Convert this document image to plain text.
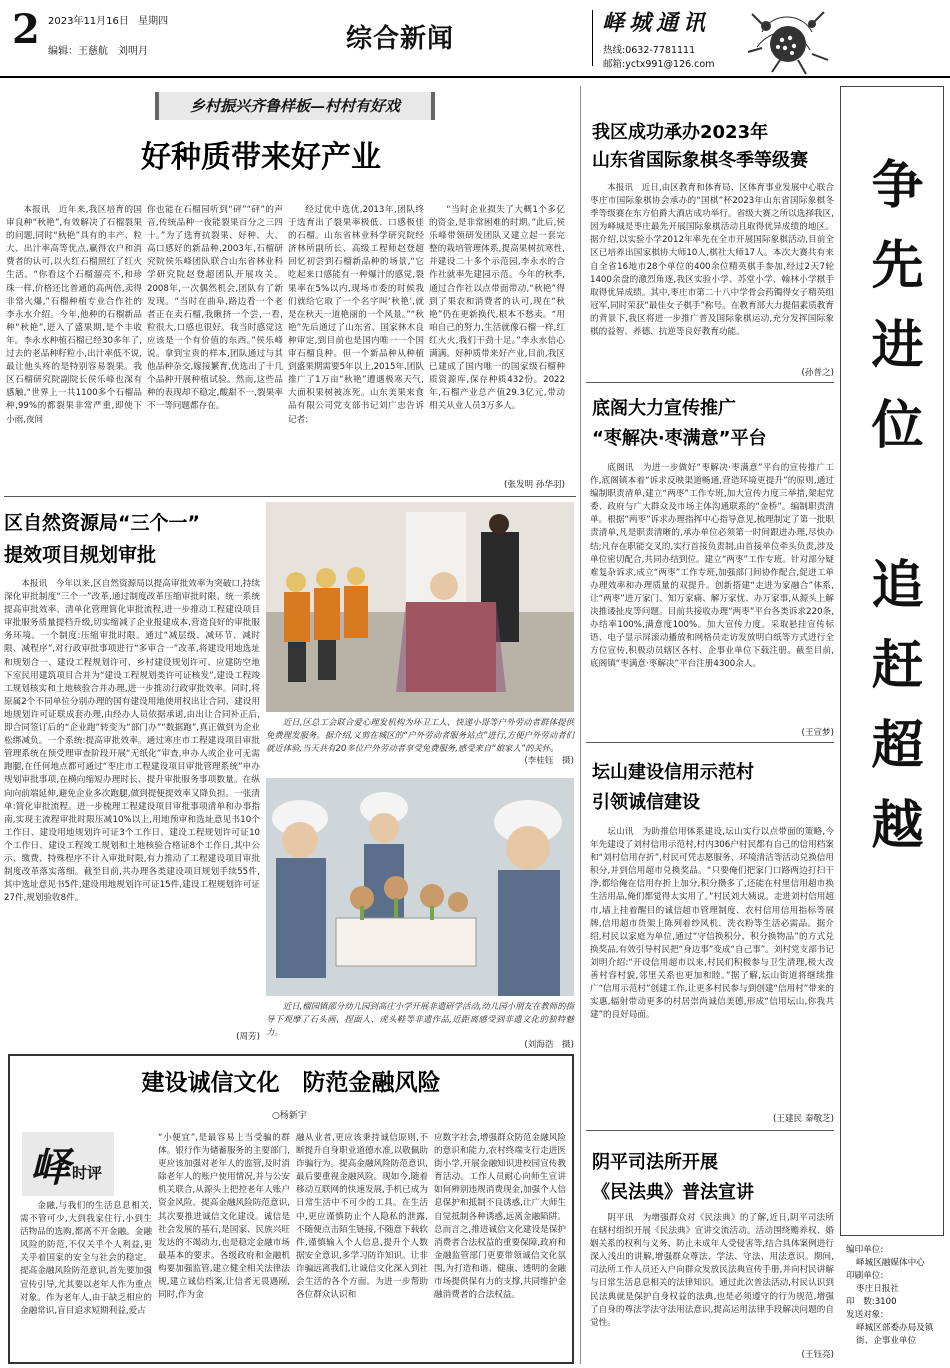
2 2023年11月16日 星期四
编辑：王慈航　刘明月	综合新闻
峄城通讯
热线:0632-7781111
邮箱:yctx991@126.com
乡村振兴齐鲁样板—村村有好戏
好种质带来好产业

本报讯　近年来,我区培育的国审良种“秋艳”,有效解决了石榴裂果的问题,同时“秋艳”具有的丰产、粒大、出汁率高等优点,赢得农户和消费者的认可,以火红石榴照红了红火生活。“你看这个石榴溜亮不,和珍珠一样,价格还比普通的高两倍,卖得非常火爆,”石榴种植专业合作社的李永水介绍。今年,他种的石榴新品种“秋艳”,进入了盛果期,是个丰收年。李永水种植石榴已经30多年了,过去的老品种籽粒小,出汁率低不说,最让他头疼的是特别容易裂果。我区石榴研究院副院长侯乐峰也深有感触,“世界上一共1100多个石榴品种,99%的都裂果非常严重,即使下小雨,夜间

你也能在石榴园听到“砰”“砰”的声音,传统品种一夜能裂果百分之三四十。”为了选育抗裂果、好种、大、高口感好的新品种,2003年,石榴研究院侯乐峰团队联合山东省林业科学研究院赵登超团队开展攻关。2008年,一次偶然机会,团队有了新发现。“当时在曲阜,路边看一个老者正在卖石榴,我瞅挤一个尝,一看,粒很大,口感也很好。我当时感觉这应该是一个有价值的东西。”侯乐峰说。拿到宝贵的样本,团队通过与其他品种杂交,嫁接繁育,优选出了十几个品种开展种植试验。然而,这些品种的表现却不稳定,酸甜不一,裂果率不一等问题都存在。

经过优中选优,2013年,团队终于选育出了裂果率极低、口感极佳的石榴。山东省林业科学研究院经济林所副所长、高级工程师赵登超回忆初尝到石榴新品种的场景,“它吃起来口感能有一种爆汁的感觉,裂果率在5%以内,现场市委的时候我们就给它取了一个名字叫‘秋艳’,就是在秋天一道艳丽的一个风景。”“秋艳”先后通过了山东省、国家林木良种审定,到目前也是国内唯一一个国审石榴良种。但一个新品种从种植到盛果期需要5年以上,2015年,团队推广了1万亩“秋艳”遭遇极寒天气,大面积果树被冻死。山东美果来食品有限公司党支部书记刘广忠告诉记者:

“当时企业损失了大概1个多亿的资金,是非常困难的时期。”此后,侯乐峰带领研发团队又建立起一套完整的栽培管理体系,提高果树抗寒性,并建设二十多个示范园,李永水的合作社就率先建园示范。今年的秋季,通过合作社以点带面带动,“秋艳”得到了果农和消费者的认可,现在“秋艳”仍在更新换代,根本不愁卖。“用咱自己的努力,生活就像石榴一样,红红火火,我们干劲十足。”李永水信心满满。好种质带来好产业,目前,我区已建成了国内唯一的国家级石榴种质资源库,保存种质432份。2022年,石榴产业总产值29.3亿元,带动相关从业人员3万多人。

(张发明 孙华羽)
区自然资源局“三个一”
提效项目规划审批

本报讯　今年以来,区自然资源局以提高审批效率为突破口,持续深化审批制度“三个一”改革,通过制度改革压缩审批时限、统一系统提高审批效率、清单化管理简化审批流程,进一步推动工程建设项目审批服务质量提档升级,切实缩减了企业报建成本,营造良好的审批服务环境。一个制度:压缩审批时限。通过“减层级、减环节、减时限、减程序”,对行政审批事项进行“多审合一”改革,将建设用地选址和规划合一、建设工程规划许可、乡村建设规划许可、应建防空地下室民用建筑项目合并为“建设工程规划类许可证核发”,建设工程竣工规划核实和土地核验合并办理,进一步推动行政审批效率。同时,将原属2个不同单位分别办理的国有建设用地使用权出让合同、建设用地规划许可证联成套办理,由经办人员依据承诺,由出让合同补正后,即合同签订后的“企业跑”转变为“部门办”“数据跑”,真正做到为企业松绑减负。一个系统:提高审批效率。通过寒庄市工程建设项目审批管理系统在预受理审查阶段开展“无纸化”审查,申办人或企业可无需跑腿,在任何地点都可通过“枣庄市工程建设项目审批管理系统”申办规划审批事项,在横向缩短办理时长、提升审批服务事项数量。在纵向向前端延伸,避免企业多次跑腿,做到提便提效率又降负担。一张清单:简化审批流程。进一步梳理工程建设项目审批事项清单和办事指南,实现主流程审批时限压减10%以上,用地预审和选址意见书10个工作日、建设用地规划许可证3个工作日、建设工程规划许可证10个工作日、建设工程竣工规划和土地核验合格证8个工作日,其中公示、缴费、特殊程序不计入审批时限,有力推动了工程建设项目审批制度改革落实落细。截至目前,共办理各类建设项目规划手续55件,其中选址意见书5件,建设用地规划许可证15件,建设工程规划许可证27件,规划验收8件。

(周芳)
近日,区总工会联合爱心理发机构为环卫工人、快递小哥等户外劳动者群体提供免费理发服务。据介绍,义剪在城区的“户外劳动者服务站点”进行,方便户外劳动者们就近体验,当天共有20多位户外劳动者享受免费服务,感受来自“娘家人”的关怀。
(李桂钰　摄)
近日,榴园镇邵分幼儿园到高庄小学开展非遗研学活动,幼儿园小朋友在教师的指导下观摩了石头画、捏面人、虎头鞋等非遗作品,近距离感受到非遗文化的独特魅力。
(刘海浩　摄)
建设诚信文化　防范金融风险
○杨新宇
峄 时评

金融,与我们的生活息息相关,需不管可少,大到我家住行,小到生活物品的选购,都离不开金融。金融风险的防范,不仅关乎个人利益,更关乎着国家的安全与社会的稳定。提高金融风险防范意识,首先要加强宣传引导,尤其要以老年人作为重点对象。作为老年人,由于缺乏相应的金融常识,盲目追求短期利益,爱占

“小便宜”,是最容易上当受骗的群体。银行作为储蓄服务的主要部门,更应该加强对老年人的监管,及时消除老年人的账户使用情况,并与公安机关联合,从源头上把控老年人账户资金风险。提高金融风险防范意识,其次要推进诚信文化建设。诚信是社会发展的基石,是国家、民族兴旺发达的不竭动力,也是稳定金融市场最基本的要求。各级政府和金融机构要加强监管,建立健全相关法律法规,建立诚信档案,让信者无畏遇剐,同时,作为金

融从业者,更应该秉持诚信原则,不断提升自身职业道德水准,以敬佩助诈骗行为。提高金融风险防范意识,最后要重视金融风险。现如今,随着移动互联网的快速发展,手机已成为日常生活中不可少的工具。在生活中,更应谨慎防止个人隐私的泄露,不随便点击陌生链接,不随意下载软件,谨慎输入个人信息,提升个人数据安全意识,多学习防诈知识。让非诈骗远离我们,让诚信文化深入到社会生活的各个方面。为进一步帮助各位群众认识和

应数字社会,增强群众防范金融风险的意识和能力,农村终端支行走进医街小学,开展金融知识进校园宣传教育活动。工作人员耐心向师生宣讲如何辨别违规消费现金,加强个人信息保护和抵制不良诱惑,让广大师生自觉抵制各种诱惑,远离金融陷阱。总而言之,推进诚信文化建设是保护消费者合法权益的重要保障,政府和金融监管部门更要带领诚信文化氛围,为打造和谐、健康、透明的金融市场提供保有力的支撑,共同维护金融消费者的合法权益。

我区成功承办2023年
山东省国际象棋冬季等级赛

本报讯　近日,由区教育和体育局、区体育事业发展中心联合枣庄市国际象棋协会承办的“国棋”杯2023年山东省国际象棋冬季等级赛在东方伯爵大酒店成功举行。省级大赛之所以选择我区,因为峄城是枣庄最先开展国际象棋活动且取得优异成绩的地区。据介绍,以实验小学2012年率先在全市开展国际象棋活动,目前全区已培养出国家棋协大师10人,棋社大师17人。本次大赛共有来自全省16地市28个单位的400余位精英棋手参加,经过2天7轮1400余盘的激烈角逐,我区实验小学、苏堂小学、翰林小学棋手取得优异成绩。其中,枣庄市第二十八中学骨会药镯得女子精英组冠军,同时荣获“最佳女子棋手”称号。在教育部大力提倡素质教育的背景下,我区将进一步推广普及国际象棋运动,充分发挥国际象棋的益智、养德、抗逆等良好教育功能。

(孙普之)
底阁大力宣传推广
“枣解决·枣满意”平台

底阁讯　为进一步做好“枣解决·枣满意”平台的宣传推广工作,底阁镇本着“诉求反映渠道畅通,营造环境更提升”的原则,通过编制职责清单,建立“两枣”工作专班,加大宣传力度三举措,架起党委、政府与广大群众及市场主体沟通联系的“金桥”。编制职责清单。根据“两枣”诉求办理指挥中心指导意见,梳理制定了第一批职责清单,凡是职责清晰的,承办单位必须第一时间跟进办理,尽快办结;凡存在职能交叉的,实行首接负责制,由首接单位牵头负责,涉及单位密切配合,共同办结到位。建立“两枣”工作专班。针对部分疑难复杂诉求,成立“两枣”工作专班,加强部门间协作配合,促进工单办理效率和办理质量的双提升。创新搭建“走进为家融合”体系,让“两枣”进万家门、知万家痛、解万家忧、办万家事,从源头上解决推诿扯皮等问题。目前共接收办理“两枣”平台各类诉求220条,办结率100%,满意度100%。加大宣传力度。采取悬挂宣传标语、电子显示屏滚动播放和网格员走访发放明白纸等方式进行全方位宣传,积极动员辖区各村、企事业单位下载注册。截至目前,底阁镇“枣满意·枣解决”平台注册4300余人。

(王宣梦)
坛山建设信用示范村
引领诚信建设

坛山讯　为助推信用体系建设,坛山实行以点带面的策略,今年先建设了刘村信用示范村,村内306户村民都有自己的信用档案和“刘村信用存折”,村民可凭志愿服务、环境清洁等活动兑换信用积分,并到信用超市兑换奖品。“只要俺们把家门口路两边打扫干净,都给俺在信用存折上加分,积分攒多了,还能在村里信用超市换生活用品,俺们都觉得太实用了。”村民刘大姨说。走进刘村信用超市,墙上挂着醒目的诚信超市管理制度、农村信用信用指标等展牌,信用超市货架上陈列着纱风机、洗衣粉等生活必需品。据介绍,村民以家庭为单位,通过“守信换积分、积分换物品”的方式兑换奖品,有效引导村民把“身边事”变成“自己事”。刘村党支部书记刘明介绍:“开设信用超市以来,村民们积极参与卫生清理,极大改善村容村貌,邻里关系也更加和睦。”据了解,坛山街道将继续推广“信用示范村”创建工作,让更多村民参与到创建“信用村”带来的实惠,辐射带动更多的村居崇尚诚信美德,形成“信用坛山,你我共建”的良好局面。

(王建民 秦敬芝)
阴平司法所开展
《民法典》普法宣讲

阴平讯　为增强群众对《民法典》的了解,近日,阴平司法所在辖村组织开展《民法典》宣讲交流活动。活动围绕赡养权、婚姻关系的权利与义务、防止未成年人受侵害等,结合具体案例进行深入浅出的讲解,增强群众尊法、学法、守法、用法意识。期间,司法所工作人员还入户向群众发放民法典宣传手册,并向村民讲解与日常生活息息相关的法律知识。通过此次普法活动,村民认识到民法典就是保护自身权益的法典,也是必须遵守的行为规范,增强了自身的尊法学法守法用法意识,提高运用法律手段解决问题的自觉性。

(王钰亮)
争先进位　追赶超越
编印单位:
峄城区融媒体中心
印刷单位:
枣庄日报社
印　数:3100
发送对象:
峄城区部委办局及镇街、企事业单位
